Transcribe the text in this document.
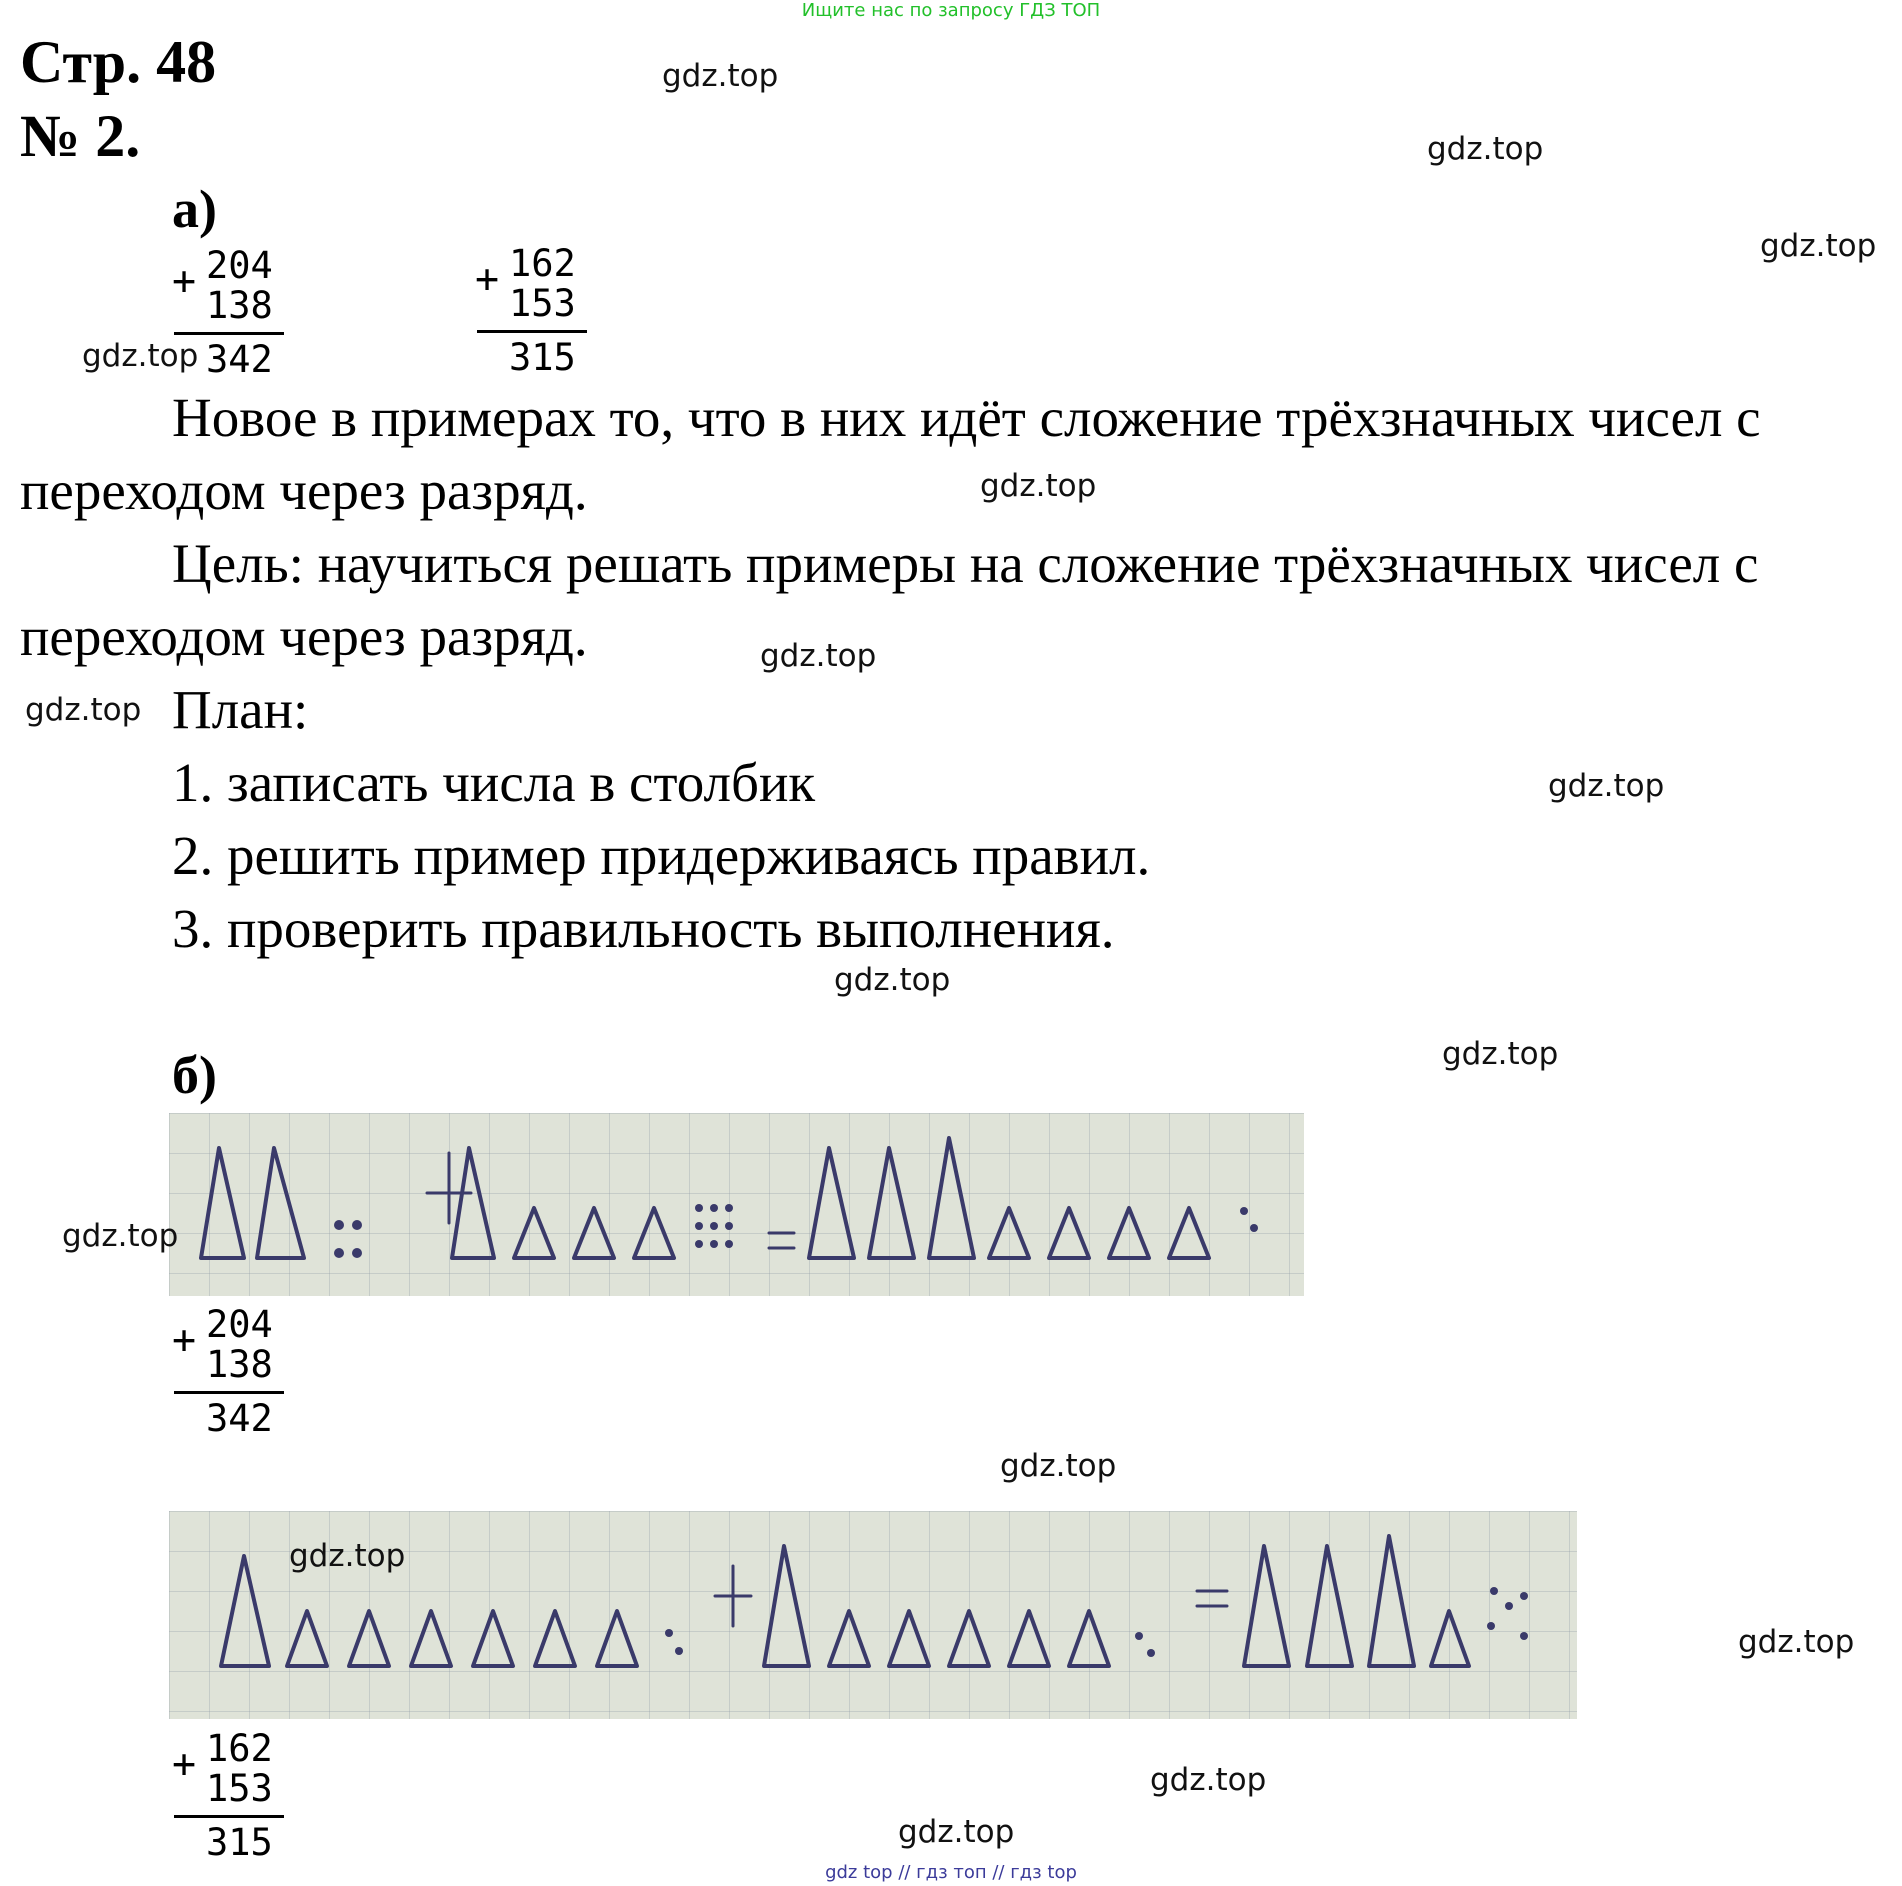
Ищите нас по запросу ГДЗ ТОП
Стр. 48
№ 2.
а)
+ 204
138
342
+ 162
153
315
Новое в примерах то, что в них идёт сложение трёхзначных чисел с
переходом через разряд.
Цель: научиться решать примеры на сложение трёхзначных чисел с
переходом через разряд.
План:
1. записать числа в столбик
2. решить пример придерживаясь правил.
3. проверить правильность выполнения.
б)
+ 204
138
342
+ 162
153
315
gdz.top
gdz.top
gdz.top
gdz.top
gdz.top
gdz.top
gdz.top
gdz.top
gdz.top
gdz.top
gdz.top
gdz.top
gdz.top
gdz.top
gdz.top
gdz.top
gdz top // гдз топ // гдз top
